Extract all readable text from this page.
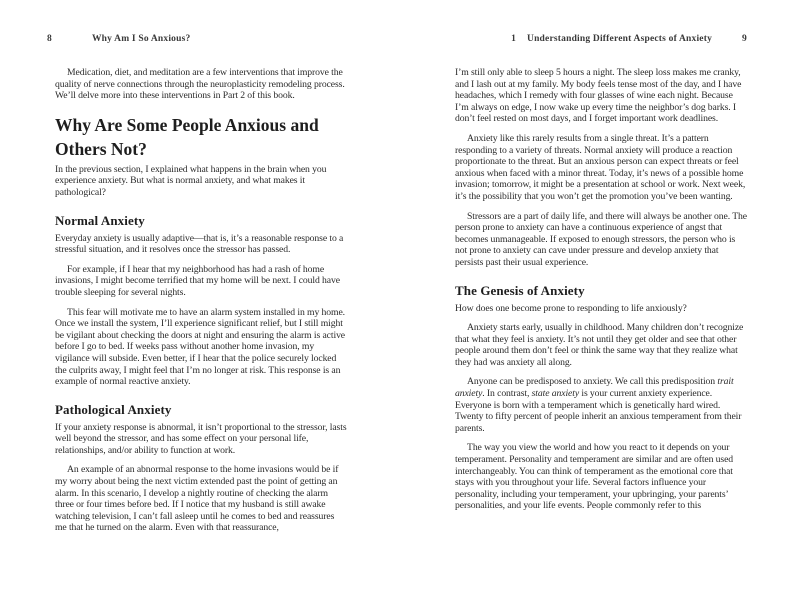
8	Why Am I So Anxious?

Medication, diet, and meditation are a few interventions that improve the quality of nerve connections through the neuroplasticity remodeling process. We’ll delve more into these interventions in Part 2 of this book.

Why Are Some People Anxious and Others Not?

In the previous section, I explained what happens in the brain when you experience anxiety. But what is normal anxiety, and what makes it pathological?

Normal Anxiety

Everyday anxiety is usually adaptive—that is, it’s a reasonable response to a stressful situation, and it resolves once the stressor has passed.

For example, if I hear that my neighborhood has had a rash of home invasions, I might become terrified that my home will be next. I could have trouble sleeping for several nights.

This fear will motivate me to have an alarm system installed in my home. Once we install the system, I’ll experience significant relief, but I still might be vigilant about checking the doors at night and ensuring the alarm is active before I go to bed. If weeks pass without another home invasion, my vigilance will subside. Even better, if I hear that the police securely locked the culprits away, I might feel that I’m no longer at risk. This response is an example of normal reactive anxiety.

Pathological Anxiety

If your anxiety response is abnormal, it isn’t proportional to the stressor, lasts well beyond the stressor, and has some effect on your personal life, relationships, and/or ability to function at work.

An example of an abnormal response to the home invasions would be if my worry about being the next victim extended past the point of getting an alarm. In this scenario, I develop a nightly routine of checking the alarm three or four times before bed. If I notice that my husband is still awake watching television, I can’t fall asleep until he comes to bed and reassures me that he turned on the alarm. Even with that reassurance,

1 Understanding Different Aspects of Anxiety	9

I’m still only able to sleep 5 hours a night. The sleep loss makes me cranky, and I lash out at my family. My body feels tense most of the day, and I have headaches, which I remedy with four glasses of wine each night. Because I’m always on edge, I now wake up every time the neighbor’s dog barks. I don’t feel rested on most days, and I forget important work deadlines.

Anxiety like this rarely results from a single threat. It’s a pattern responding to a variety of threats. Normal anxiety will produce a reaction proportionate to the threat. But an anxious person can expect threats or feel anxious when faced with a minor threat. Today, it’s news of a possible home invasion; tomorrow, it might be a presentation at school or work. Next week, it’s the possibility that you won’t get the promotion you’ve been wanting.

Stressors are a part of daily life, and there will always be another one. The person prone to anxiety can have a continuous experience of angst that becomes unmanageable. If exposed to enough stressors, the person who is not prone to anxiety can cave under pressure and develop anxiety that persists past their usual experience.

The Genesis of Anxiety

How does one become prone to responding to life anxiously?

Anxiety starts early, usually in childhood. Many children don’t recognize that what they feel is anxiety. It’s not until they get older and see that other people around them don’t feel or think the same way that they realize what they had was anxiety all along.

Anyone can be predisposed to anxiety. We call this predisposition trait anxiety. In contrast, state anxiety is your current anxiety experience. Everyone is born with a temperament which is genetically hard wired. Twenty to fifty percent of people inherit an anxious temperament from their parents.

The way you view the world and how you react to it depends on your temperament. Personality and temperament are similar and are often used interchangeably. You can think of temperament as the emotional core that stays with you throughout your life. Several factors influence your personality, including your temperament, your upbringing, your parents’ personalities, and your life events. People commonly refer to this
